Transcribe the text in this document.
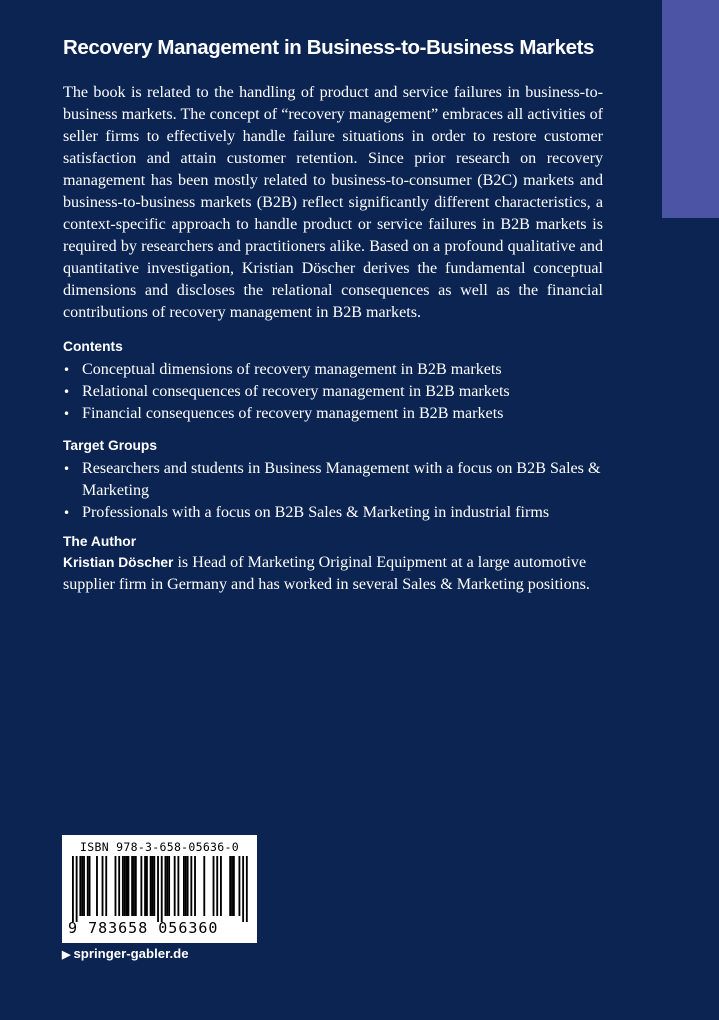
Recovery Management in Business-to-Business Markets

The book is related to the handling of product and service failures in business-to-business markets. The concept of “recovery management” embraces all activities of seller firms to effectively handle failure situations in order to restore customer satisfaction and attain customer retention. Since prior research on recovery management has been mostly related to business-to-consumer (B2C) markets and business-to-business markets (B2B) reflect significantly different characteristics, a context-specific approach to handle product or service failures in B2B markets is required by researchers and practitioners alike. Based on a profound qualitative and quantitative investigation, Kristian Döscher derives the fundamental conceptual dimensions and discloses the relational consequences as well as the financial contributions of recovery management in B2B markets.

Contents

• Conceptual dimensions of recovery management in B2B markets
• Relational consequences of recovery management in B2B markets
• Financial consequences of recovery management in B2B markets

Target Groups

• Researchers and students in Business Management with a focus on B2B Sales & Marketing
• Professionals with a focus on B2B Sales & Marketing in industrial firms

The Author

Kristian Döscher is Head of Marketing Original Equipment at a large automotive supplier firm in Germany and has worked in several Sales & Marketing positions.

ISBN 978-3-658-05636-0
9 783658 056360
▶ springer-gabler.de
